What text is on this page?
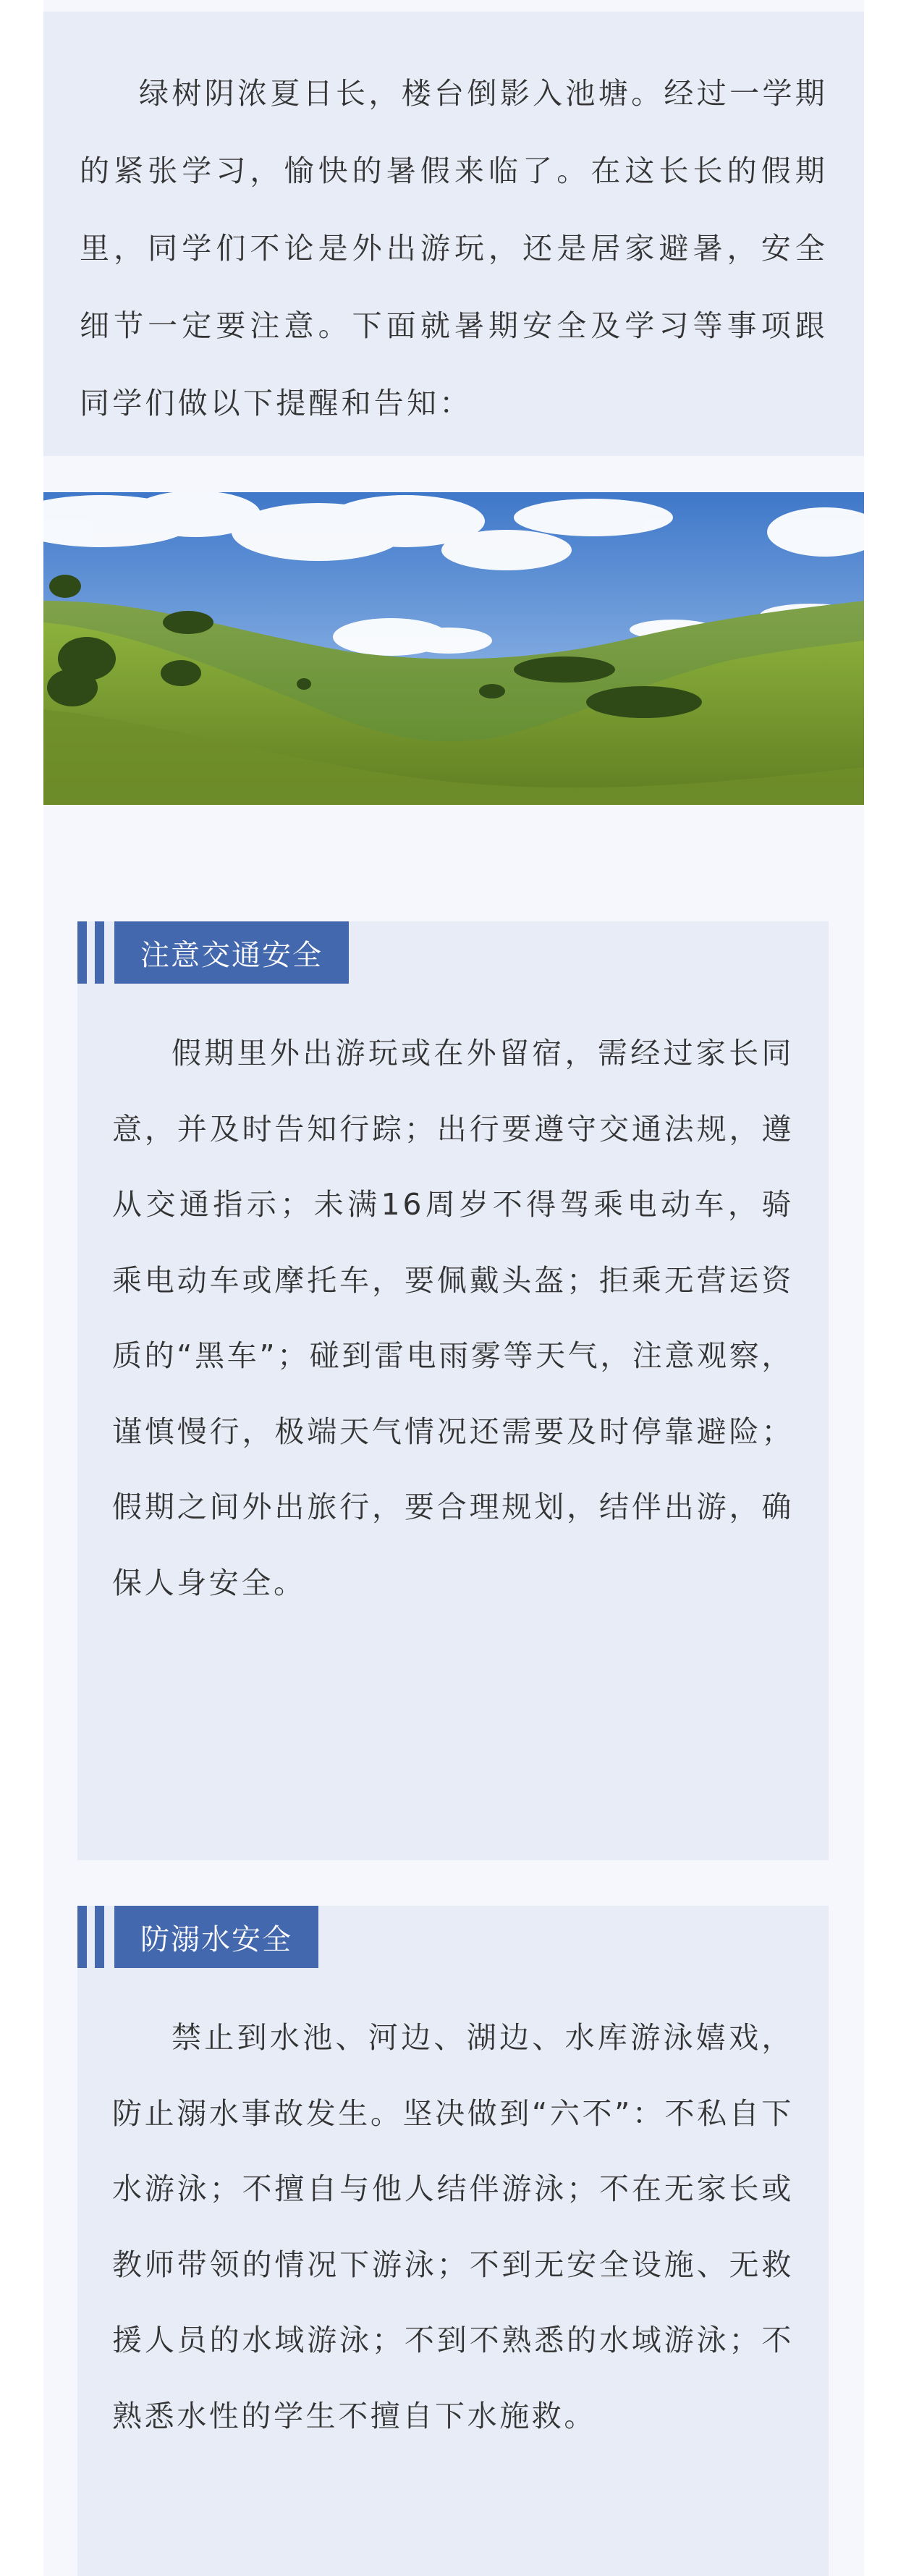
绿树阴浓夏日长，楼台倒影入池塘。经过一学期的紧张学习，愉快的暑假来临了。在这长长的假期里，同学们不论是外出游玩，还是居家避暑，安全细节一定要注意。下面就暑期安全及学习等事项跟同学们做以下提醒和告知：

注意交通安全

假期里外出游玩或在外留宿，需经过家长同意，并及时告知行踪；出行要遵守交通法规，遵从交通指示；未满16周岁不得驾乘电动车，骑乘电动车或摩托车，要佩戴头盔；拒乘无营运资质的“黑车”；碰到雷电雨雾等天气，注意观察，谨慎慢行，极端天气情况还需要及时停靠避险；假期之间外出旅行，要合理规划，结伴出游，确保人身安全。

防溺水安全

禁止到水池、河边、湖边、水库游泳嬉戏，防止溺水事故发生。坚决做到“六不”：不私自下水游泳；不擅自与他人结伴游泳；不在无家长或教师带领的情况下游泳；不到无安全设施、无救援人员的水域游泳；不到不熟悉的水域游泳；不熟悉水性的学生不擅自下水施救。
